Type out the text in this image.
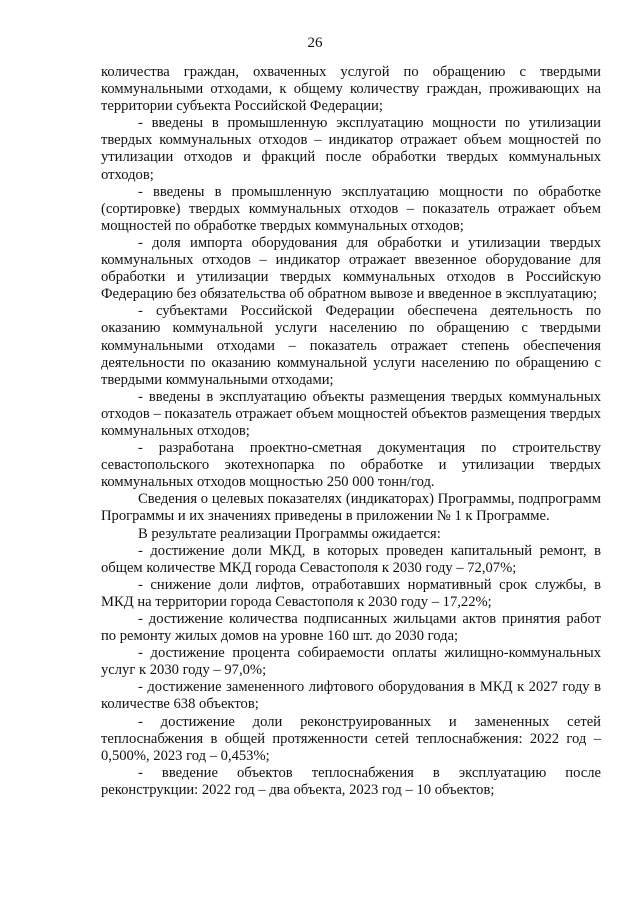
26

количества граждан, охваченных услугой по обращению с твердыми коммунальными отходами, к общему количеству граждан, проживающих на территории субъекта Российской Федерации;

- введены в промышленную эксплуатацию мощности по утилизации твердых коммунальных отходов – индикатор отражает объем мощностей по утилизации отходов и фракций после обработки твердых коммунальных отходов;

- введены в промышленную эксплуатацию мощности по обработке (сортировке) твердых коммунальных отходов – показатель отражает объем мощностей по обработке твердых коммунальных отходов;

- доля импорта оборудования для обработки и утилизации твердых коммунальных отходов – индикатор отражает ввезенное оборудование для обработки и утилизации твердых коммунальных отходов в Российскую Федерацию без обязательства об обратном вывозе и введенное в эксплуатацию;

- субъектами Российской Федерации обеспечена деятельность по оказанию коммунальной услуги населению по обращению с твердыми коммунальными отходами – показатель отражает степень обеспечения деятельности по оказанию коммунальной услуги населению по обращению с твердыми коммунальными отходами;

- введены в эксплуатацию объекты размещения твердых коммунальных отходов – показатель отражает объем мощностей объектов размещения твердых коммунальных отходов;

- разработана проектно-сметная документация по строительству севастопольского экотехнопарка по обработке и утилизации твердых коммунальных отходов мощностью 250 000 тонн/год.

Сведения о целевых показателях (индикаторах) Программы, подпрограмм Программы и их значениях приведены в приложении № 1 к Программе.

В результате реализации Программы ожидается:

- достижение доли МКД, в которых проведен капитальный ремонт, в общем количестве МКД города Севастополя к 2030 году – 72,07%;

- снижение доли лифтов, отработавших нормативный срок службы, в МКД на территории города Севастополя к 2030 году – 17,22%;

- достижение количества подписанных жильцами актов принятия работ по ремонту жилых домов на уровне 160 шт. до 2030 года;

- достижение процента собираемости оплаты жилищно-коммунальных услуг к 2030 году – 97,0%;

- достижение замененного лифтового оборудования в МКД к 2027 году в количестве 638 объектов;

- достижение доли реконструированных и замененных сетей теплоснабжения в общей протяженности сетей теплоснабжения: 2022 год – 0,500%, 2023 год – 0,453%;

- введение объектов теплоснабжения в эксплуатацию после реконструкции: 2022 год – два объекта, 2023 год – 10 объектов;
